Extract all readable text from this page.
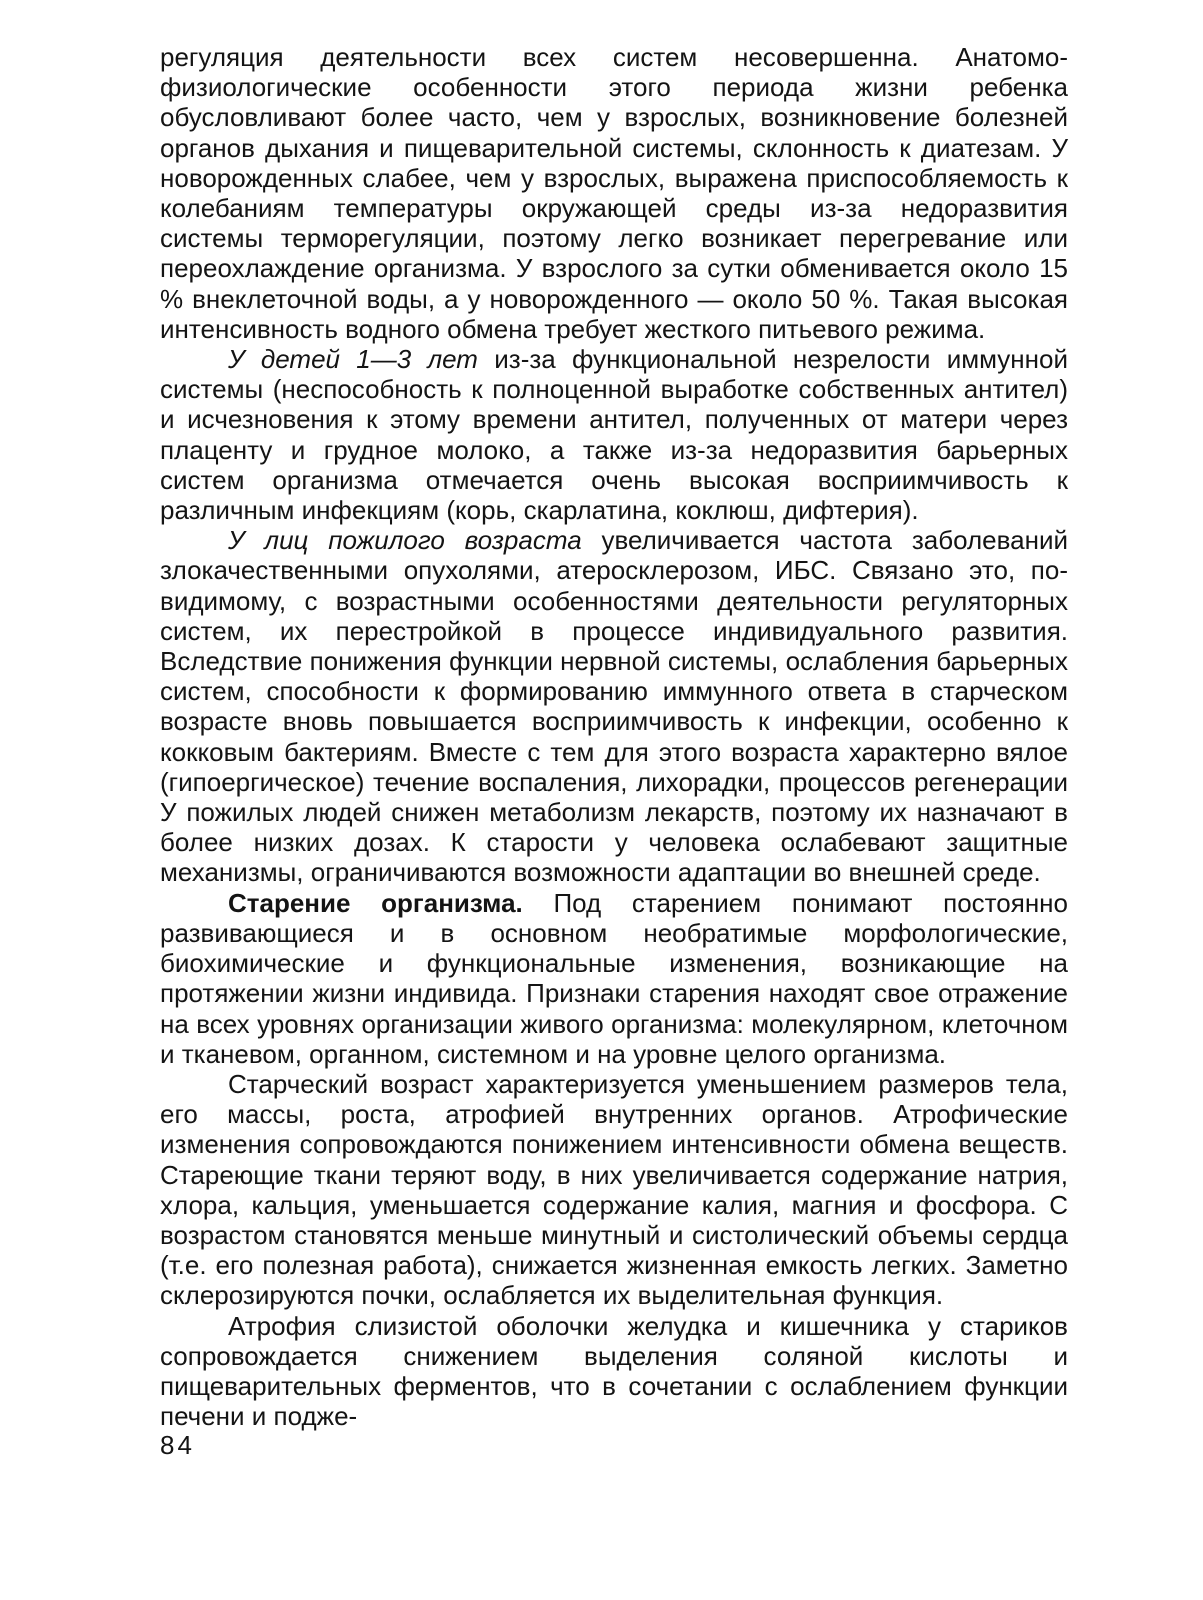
регуляция деятельности всех систем несовершенна. Анатомо-физиологические особенности этого периода жизни ребенка обусловливают более часто, чем у взрослых, возникновение болезней органов дыхания и пищеварительной системы, склонность к диатезам. У новорожденных слабее, чем у взрослых, выражена приспособляемость к колебаниям температуры окружающей среды из-за недоразвития системы терморегуляции, поэтому легко возникает перегревание или переохлаждение организма. У взрослого за сутки обменивается около 15 % внеклеточной воды, а у новорожденного — около 50 %. Такая высокая интенсивность водного обмена требует жесткого питьевого режима.

У детей 1—3 лет из-за функциональной незрелости иммунной системы (неспособность к полноценной выработке собственных антител) и исчезновения к этому времени антител, полученных от матери через плаценту и грудное молоко, а также из-за недоразвития барьерных систем организма отмечается очень высокая восприимчивость к различным инфекциям (корь, скарлатина, коклюш, дифтерия).

У лиц пожилого возраста увеличивается частота заболеваний злокачественными опухолями, атеросклерозом, ИБС. Связано это, по-видимому, с возрастными особенностями деятельности регуляторных систем, их перестройкой в процессе индивидуального развития. Вследствие понижения функции нервной системы, ослабления барьерных систем, способности к формированию иммунного ответа в старческом возрасте вновь повышается восприимчивость к инфекции, особенно к кокковым бактериям. Вместе с тем для этого возраста характерно вялое (гипоергическое) течение воспаления, лихорадки, процессов регенерации У пожилых людей снижен метаболизм лекарств, поэтому их назначают в более низких дозах. К старости у человека ослабевают защитные механизмы, ограничиваются возможности адаптации во внешней среде.

Старение организма. Под старением понимают постоянно развивающиеся и в основном необратимые морфологические, биохимические и функциональные изменения, возникающие на протяжении жизни индивида. Признаки старения находят свое отражение на всех уровнях организации живого организма: молекулярном, клеточном и тканевом, органном, системном и на уровне целого организма.

Старческий возраст характеризуется уменьшением размеров тела, его массы, роста, атрофией внутренних органов. Атрофические изменения сопровождаются понижением интенсивности обмена веществ. Стареющие ткани теряют воду, в них увеличивается содержание натрия, хлора, кальция, уменьшается содержание калия, магния и фосфора. С возрастом становятся меньше минутный и систолический объемы сердца (т.е. его полезная работа), снижается жизненная емкость легких. Заметно склерозируются почки, ослабляется их выделительная функция.

Атрофия слизистой оболочки желудка и кишечника у стариков сопровождается снижением выделения соляной кислоты и пищеварительных ферментов, что в сочетании с ослаблением функции печени и подже-

84
